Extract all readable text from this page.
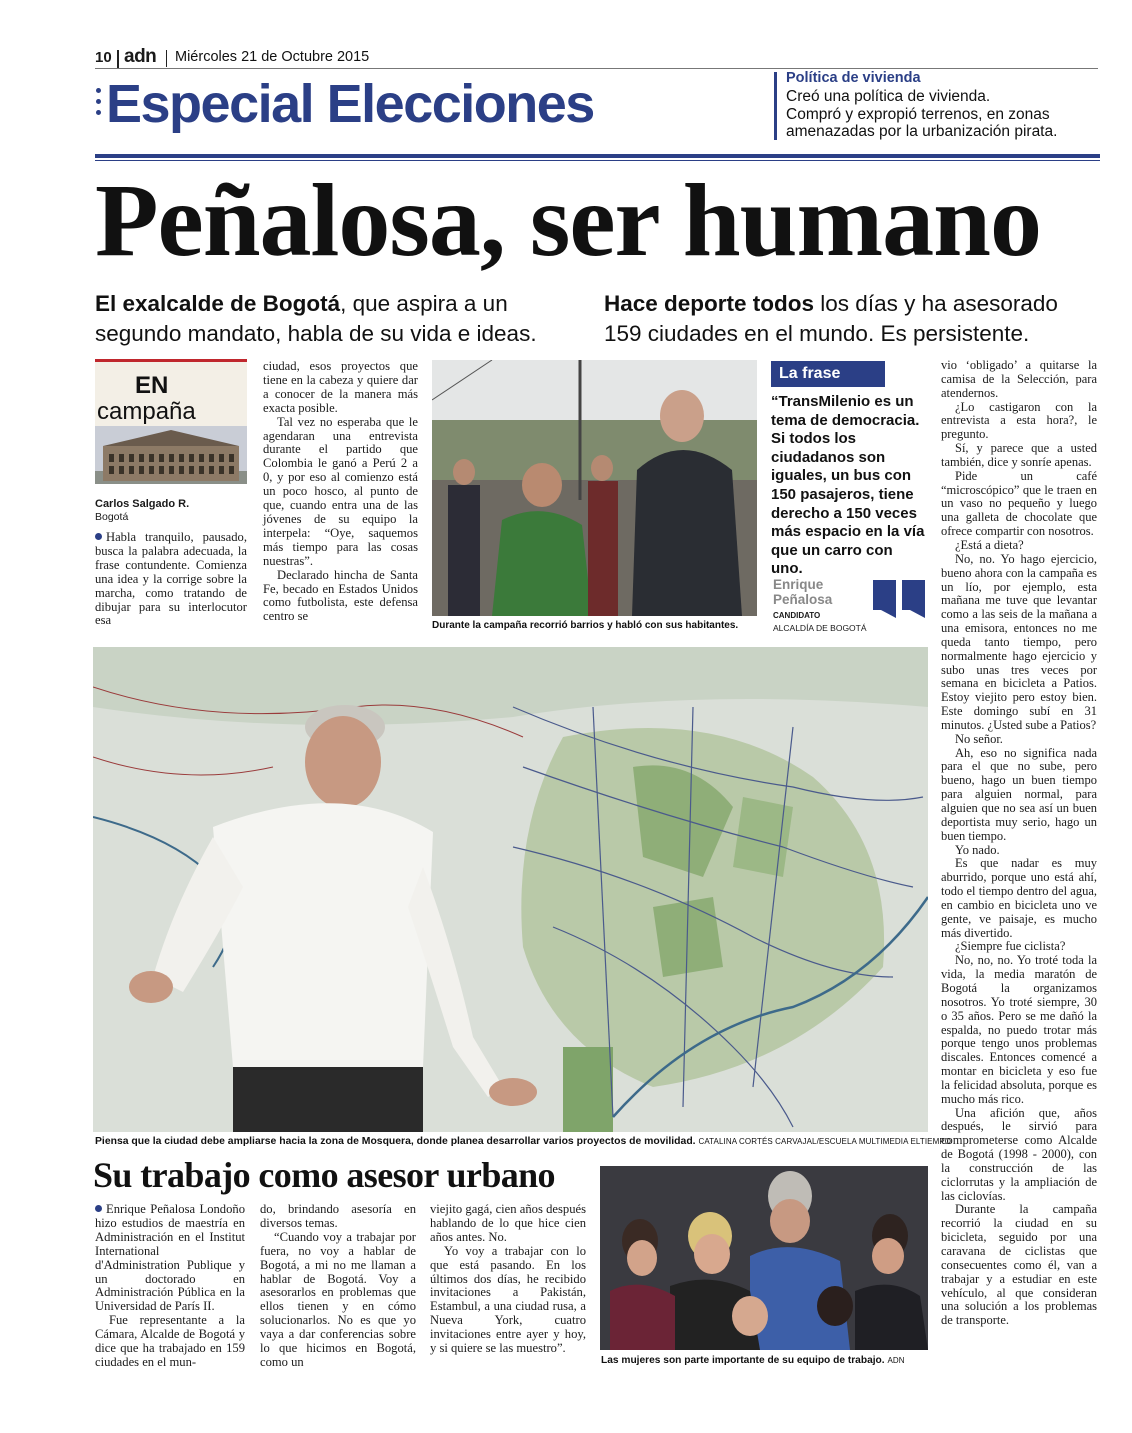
10 adn Miércoles 21 de Octubre 2015
Especial Elecciones	Política de vivienda
Creó una política de vivienda.
Compró y expropió terrenos, en zonas
amenazadas por la urbanización pirata.
Peñalosa, ser humano
El exalcalde de Bogotá, que aspira a un
segundo mandato, habla de su vida e ideas.
Hace deporte todos los días y ha asesorado
159 ciudades en el mundo. Es persistente.
EN
campaña
Carlos Salgado R.
Bogotá

Habla tranquilo, pausado, busca la palabra adecuada, la frase contundente. Comienza una idea y la corrige sobre la marcha, como tratando de dibujar para su interlocutor esa

ciudad, esos proyectos que tiene en la cabeza y quiere dar a conocer de la manera más exacta posible.

Tal vez no esperaba que le agendaran una entrevista durante el partido que Colombia le ganó a Perú 2 a 0, y por eso al comienzo está un poco hosco, al punto de que, cuando entra una de las jóvenes de su equipo la interpela: “Oye, saquemos más tiempo para las cosas nuestras”.

Declarado hincha de Santa Fe, becado en Estados Unidos como futbolista, este defensa centro se

Durante la campaña recorrió barrios y habló con sus habitantes.
La frase
“TransMilenio es un tema de democracia. Si todos los ciudadanos son iguales, un bus con 150 pasajeros, tiene derecho a 150 veces más espacio en la vía que un carro con uno.
Enrique
Peñalosa
CANDIDATO
ALCALDÍA DE BOGOTÁ

vio ‘obligado’ a quitarse la camisa de la Selección, para atendernos.

¿Lo castigaron con la entrevista a esta hora?, le pregunto.

Sí, y parece que a usted también, dice y sonríe apenas.

Pide un café “microscópico” que le traen en un vaso no pequeño y luego una galleta de chocolate que ofrece compartir con nosotros.

¿Está a dieta?

No, no. Yo hago ejercicio, bueno ahora con la campaña es un lío, por ejemplo, esta mañana me tuve que levantar como a las seis de la mañana a una emisora, entonces no me queda tanto tiempo, pero normalmente hago ejercicio y subo unas tres veces por semana en bicicleta a Patios. Estoy viejito pero estoy bien. Este domingo subí en 31 minutos. ¿Usted sube a Patios?

No señor.

Ah, eso no significa nada para el que no sube, pero bueno, hago un buen tiempo para alguien normal, para alguien que no sea así un buen deportista muy serio, hago un buen tiempo.

Yo nado.

Es que nadar es muy aburrido, porque uno está ahí, todo el tiempo dentro del agua, en cambio en bicicleta uno ve gente, ve paisaje, es mucho más divertido.

¿Siempre fue ciclista?

No, no, no. Yo troté toda la vida, la media maratón de Bogotá la organizamos nosotros. Yo troté siempre, 30 o 35 años. Pero se me dañó la espalda, no puedo trotar más porque tengo unos problemas discales. Entonces comencé a montar en bicicleta y eso fue la felicidad absoluta, porque es mucho más rico.

Una afición que, años después, le sirvió para comprometerse como Alcalde de Bogotá (1998 - 2000), con la construcción de las ciclorrutas y la ampliación de las ciclovías.

Durante la campaña recorrió la ciudad en su bicicleta, seguido por una caravana de ciclistas que consecuentes como él, van a trabajar y a estudiar en este vehículo, al que consideran una solución a los problemas de transporte.

Piensa que la ciudad debe ampliarse hacia la zona de Mosquera, donde planea desarrollar varios proyectos de movilidad. CATALINA CORTÉS CARVAJAL/ESCUELA MULTIMEDIA ELTIEMPO
Su trabajo como asesor urbano

Enrique Peñalosa Londoño hizo estudios de maestría en Administración en el Institut International d'Administration Publique y un doctorado en Administración Pública en la Universidad de París II.

Fue representante a la Cámara, Alcalde de Bogotá y dice que ha trabajado en 159 ciudades en el mun-

do, brindando asesoría en diversos temas.

“Cuando voy a trabajar por fuera, no voy a hablar de Bogotá, a mi no me llaman a hablar de Bogotá. Voy a asesorarlos en problemas que ellos tienen y en cómo solucionarlos. No es que yo vaya a dar conferencias sobre lo que hicimos en Bogotá, como un

viejito gagá, cien años después hablando de lo que hice cien años antes. No.

Yo voy a trabajar con lo que está pasando. En los últimos dos días, he recibido invitaciones a Pakistán, Estambul, a una ciudad rusa, a Nueva York, cuatro invitaciones entre ayer y hoy, y si quiere se las muestro”.

Las mujeres son parte importante de su equipo de trabajo. ADN
